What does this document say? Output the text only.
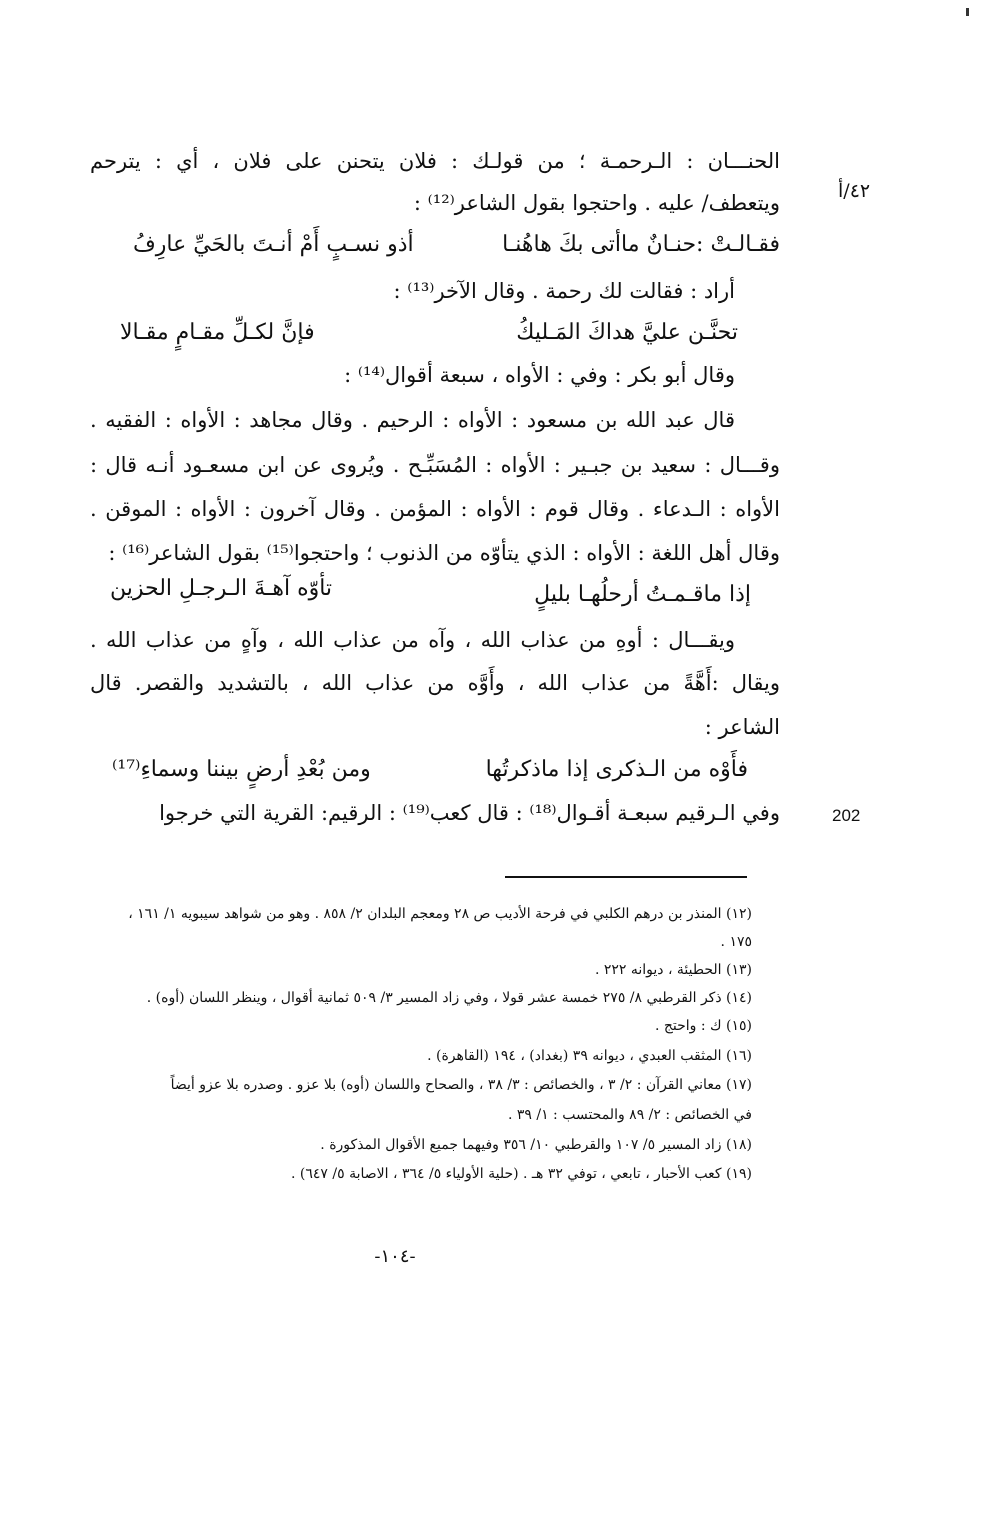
٤٢/أ
202
الحنـــان : الـرحمـة ؛ من قولـك : فلان يتحنن على فلان ، أي : يترحم
ويتعطف/ عليه . واحتجوا بقول الشاعر⁽¹²⁾ :
فقـالـتْ :حنـانٌ ماأتى بكَ هاهُنـا
أذو نسـبٍ أَمْ أنـتَ بالحَيِّ عارِفُ
أراد : فقالت لك رحمة . وقال الآخر⁽¹³⁾ :
تحنَّـن عليَّ هداكَ المَـليكُ
فإنَّ لكـلِّ مقـامٍ مقـالا
وقال أبو بكر : وفي : الأواه ، سبعة أقوال⁽¹⁴⁾ :
قال عبد الله بن مسعود : الأواه : الرحيم . وقال مجاهد : الأواه : الفقيه .
وقـــال : سعيد بن جبـير : الأواه : المُسَبِّـح . ويُروى عن ابن مسعـود أنـه قال :
الأواه : الـدعاء . وقال قوم : الأواه : المؤمن . وقال آخرون : الأواه : الموقن .
وقال أهل اللغة : الأواه : الذي يتأوّه من الذنوب ؛ واحتجوا⁽¹⁵⁾ بقول الشاعر⁽¹⁶⁾ :
إذا ماقـمـتُ أرحلُهـا بليلٍ
تأوّه آهـةَ الـرجـلِ الحزين
ويقـــال : أوهِ من عذاب الله ، وآه من عذاب الله ، وآهٍ من عذاب الله .
ويقال :أَهَّةً من عذاب الله ، وأَوَّه من عذاب الله ، بالتشديد والقصر. قال
الشاعر :
فأَوْه من الـذكرى إذا ماذكرتُها
ومن بُعْدِ أرضٍ بيننا وسماءِ⁽¹⁷⁾
وفي الـرقيم سبعـة أقـوال⁽¹⁸⁾ : قال كعب⁽¹⁹⁾ : الرقيم: القرية التي خرجوا
(١٢) المنذر بن درهم الكلبي في فرحة الأديب ص ٢٨ ومعجم البلدان ٢/ ٨٥٨ . وهو من شواهد سيبويه ١/ ١٦١ ،
١٧٥ .
(١٣) الحطيئة ، ديوانه ٢٢٢ .
(١٤) ذكر القرطبي ٨/ ٢٧٥ خمسة عشر قولا ، وفي زاد المسير ٣/ ٥٠٩ ثمانية أقوال ، وينظر اللسان (أوه) .
(١٥) ك : واحتج .
(١٦) المثقب العبدي ، ديوانه ٣٩ (بغداد) ، ١٩٤ (القاهرة) .
(١٧) معاني القرآن : ٢/ ٣ ، والخصائص : ٣/ ٣٨ ، والصحاح واللسان (أوه) بلا عزو . وصدره بلا عزو أيضاً
في الخصائص : ٢/ ٨٩ والمحتسب : ١/ ٣٩ .
(١٨) زاد المسير ٥/ ١٠٧ والقرطبي ١٠/ ٣٥٦ وفيهما جميع الأقوال المذكورة .
(١٩) كعب الأحبار ، تابعي ، توفي ٣٢ هـ . (حلية الأولياء ٥/ ٣٦٤ ، الاصابة ٥/ ٦٤٧) .
-١٠٤-
